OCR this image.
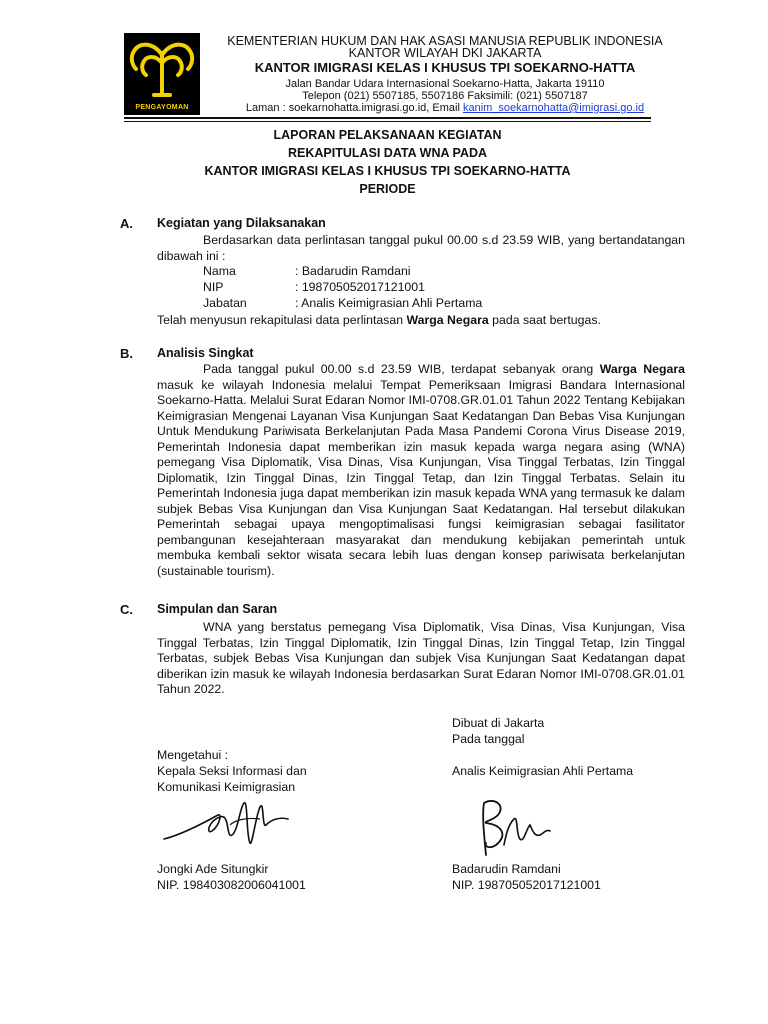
PENGAYOMAN
KEMENTERIAN HUKUM DAN HAK ASASI MANUSIA REPUBLIK INDONESIA
KANTOR WILAYAH DKI JAKARTA
KANTOR IMIGRASI KELAS I KHUSUS TPI SOEKARNO-HATTA
Jalan Bandar Udara Internasional Soekarno-Hatta, Jakarta 19110
Telepon (021) 5507185, 5507186 Faksimili: (021) 5507187
Laman : soekarnohatta.imigrasi.go.id, Email kanim_soekarnohatta@imigrasi.go.id
LAPORAN PELAKSANAAN KEGIATAN
REKAPITULASI DATA WNA PADA
KANTOR IMIGRASI KELAS I KHUSUS TPI SOEKARNO-HATTA
PERIODE
A. Kegiatan yang Dilaksanakan
Berdasarkan data perlintasan tanggal pukul 00.00 s.d 23.59 WIB, yang bertandatangan dibawah ini :
Nama	: Badarudin Ramdani
NIP	: 198705052017121001
Jabatan	: Analis Keimigrasian Ahli Pertama
Telah menyusun rekapitulasi data perlintasan Warga Negara pada saat bertugas.
B. Analisis Singkat
Pada tanggal pukul 00.00 s.d 23.59 WIB, terdapat sebanyak orang Warga Negara masuk ke wilayah Indonesia melalui Tempat Pemeriksaan Imigrasi Bandara Internasional Soekarno-Hatta. Melalui Surat Edaran Nomor IMI-0708.GR.01.01 Tahun 2022 Tentang Kebijakan Keimigrasian Mengenai Layanan Visa Kunjungan Saat Kedatangan Dan Bebas Visa Kunjungan Untuk Mendukung Pariwisata Berkelanjutan Pada Masa Pandemi Corona Virus Disease 2019, Pemerintah Indonesia dapat memberikan izin masuk kepada warga negara asing (WNA) pemegang Visa Diplomatik, Visa Dinas, Visa Kunjungan, Visa Tinggal Terbatas, Izin Tinggal Diplomatik, Izin Tinggal Dinas, Izin Tinggal Tetap, dan Izin Tinggal Terbatas. Selain itu Pemerintah Indonesia juga dapat memberikan izin masuk kepada WNA yang termasuk ke dalam subjek Bebas Visa Kunjungan dan Visa Kunjungan Saat Kedatangan. Hal tersebut dilakukan Pemerintah sebagai upaya mengoptimalisasi fungsi keimigrasian sebagai fasilitator pembangunan kesejahteraan masyarakat dan mendukung kebijakan pemerintah untuk membuka kembali sektor wisata secara lebih luas dengan konsep pariwisata berkelanjutan (sustainable tourism).
C. Simpulan dan Saran
WNA yang berstatus pemegang Visa Diplomatik, Visa Dinas, Visa Kunjungan, Visa Tinggal Terbatas, Izin Tinggal Diplomatik, Izin Tinggal Dinas, Izin Tinggal Tetap, Izin Tinggal Terbatas, subjek Bebas Visa Kunjungan dan subjek Visa Kunjungan Saat Kedatangan dapat diberikan izin masuk ke wilayah Indonesia berdasarkan Surat Edaran Nomor IMI-0708.GR.01.01 Tahun 2022.
Dibuat di Jakarta
Pada tanggal
Mengetahui :
Kepala Seksi Informasi dan
Komunikasi Keimigrasian
Analis Keimigrasian Ahli Pertama
Jongki Ade Situngkir
NIP. 198403082006041001
Badarudin Ramdani
NIP. 198705052017121001
